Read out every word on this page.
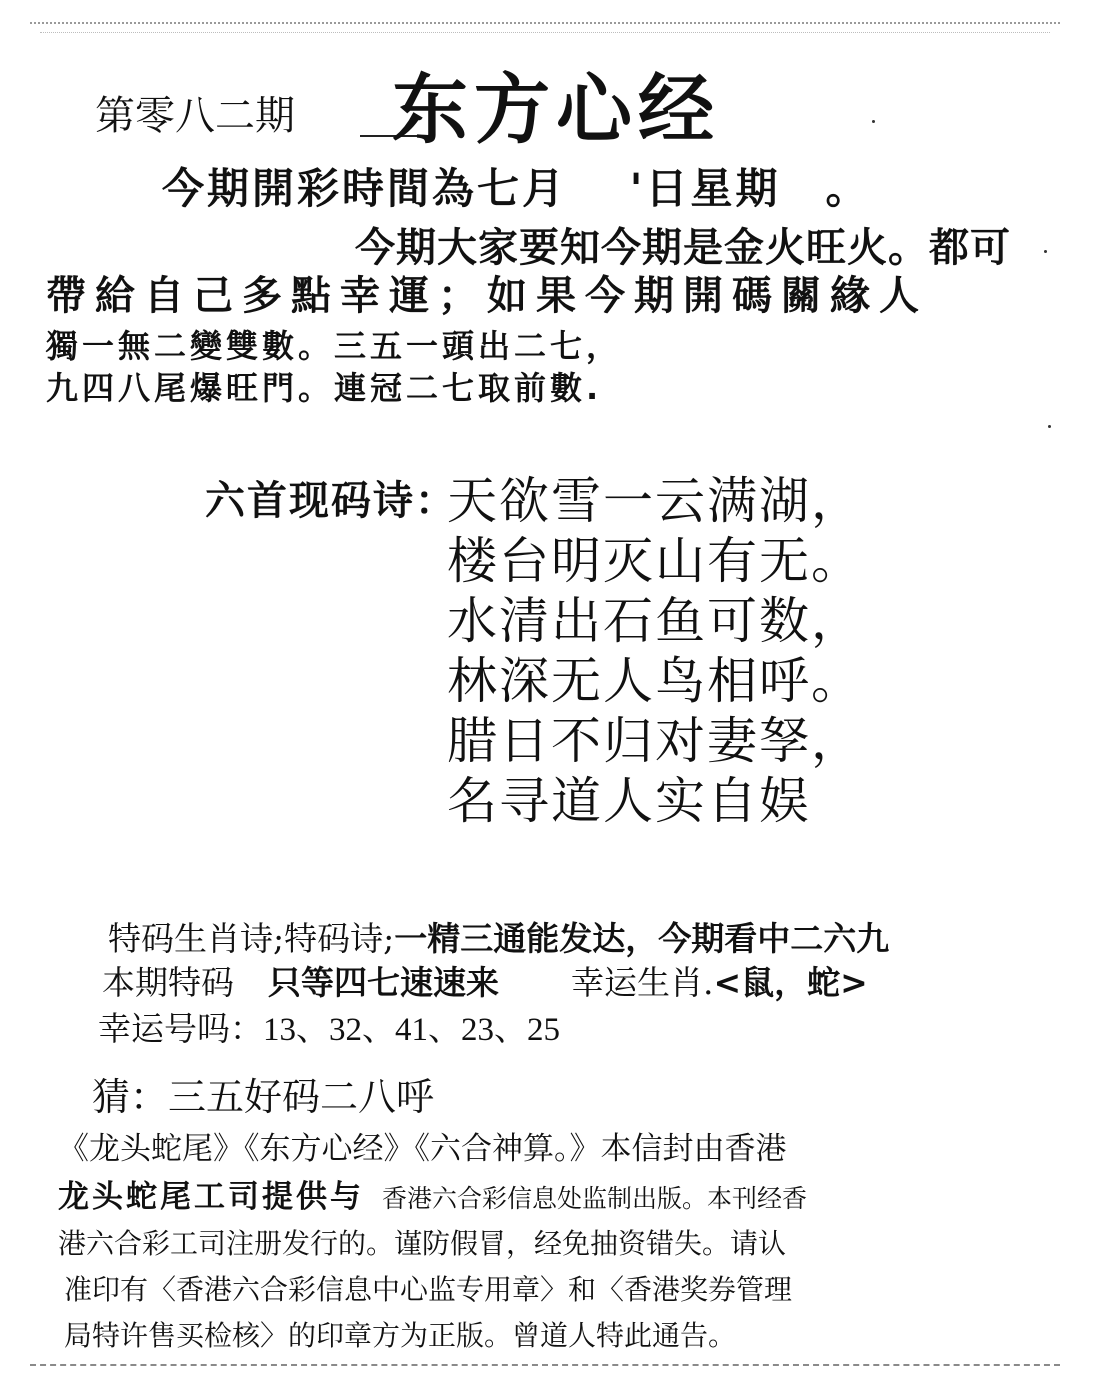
第零八二期 东方心经
今期開彩時間為七月　 '日星期　。
今期大家要知今期是金火旺火。都可
帶給自己多點幸運；如果今期開碼關緣人
獨一無二變雙數。三五一頭出二七，
九四八尾爆旺門。連冠二七取前數.
六首现码诗：
天欲雪一云满湖，
楼台明灭山有无。
水清出石鱼可数，
林深无人鸟相呼。
腊日不归对妻孥，
名寻道人实自娱
特码生肖诗;特码诗;一精三通能发达，今期看中二六九
本期特码 只等四七速速来 幸运生肖.<鼠，蛇>
幸运号吗：13、32、41、23、25
猜：三五好码二八呼
《龙头蛇尾》《东方心经》《六合神算。》本信封由香港
龙头蛇尾工司提供与 香港六合彩信息处监制出版。本刊经香
港六合彩工司注册发行的。谨防假冒，经免抽资错失。请认
准印有〈香港六合彩信息中心监专用章〉和〈香港奖券管理
局特许售买检核〉的印章方为正版。曾道人特此通告。
